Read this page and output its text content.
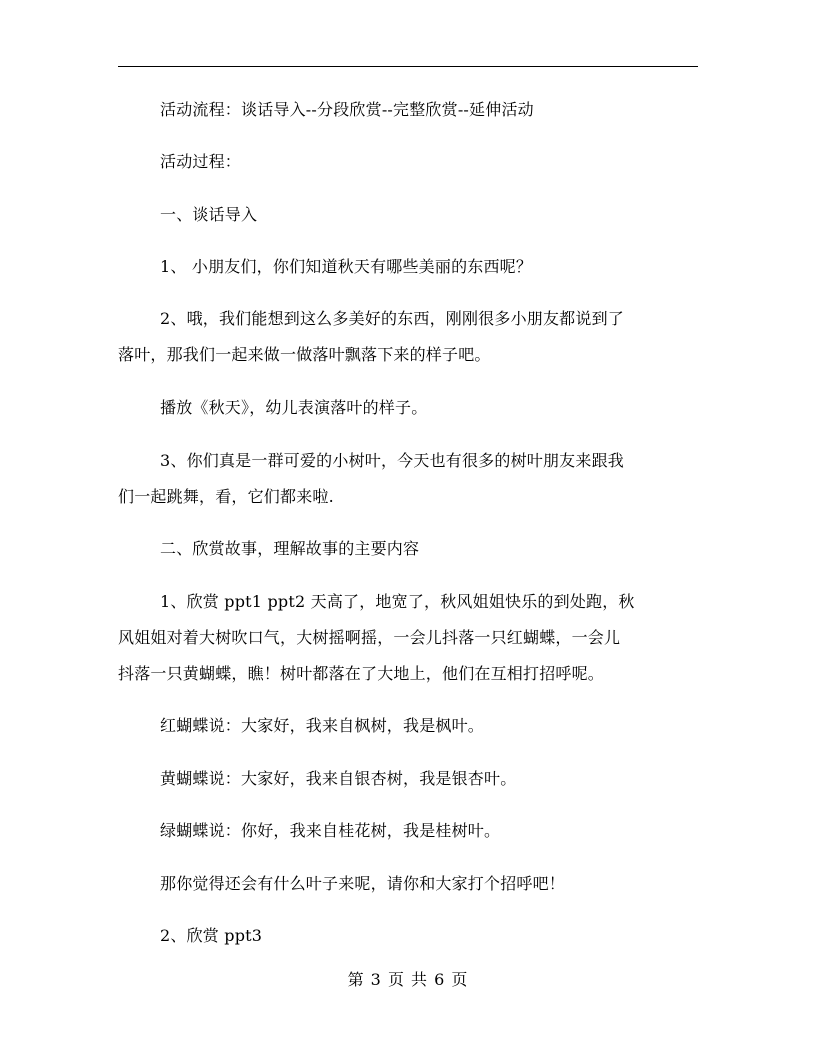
活动流程：谈话导入--分段欣赏--完整欣赏--延伸活动
活动过程：
一、谈话导入
1、 小朋友们，你们知道秋天有哪些美丽的东西呢？
2、哦，我们能想到这么多美好的东西，刚刚很多小朋友都说到了
落叶，那我们一起来做一做落叶飘落下来的样子吧。
播放《秋天》，幼儿表演落叶的样子。
3、你们真是一群可爱的小树叶，今天也有很多的树叶朋友来跟我
们一起跳舞，看，它们都来啦.
二、欣赏故事，理解故事的主要内容
1、欣赏 ppt1 ppt2 天高了，地宽了，秋风姐姐快乐的到处跑，秋
风姐姐对着大树吹口气，大树摇啊摇，一会儿抖落一只红蝴蝶，一会儿
抖落一只黄蝴蝶，瞧！树叶都落在了大地上，他们在互相打招呼呢。
红蝴蝶说：大家好，我来自枫树，我是枫叶。
黄蝴蝶说：大家好，我来自银杏树，我是银杏叶。
绿蝴蝶说：你好，我来自桂花树，我是桂树叶。
那你觉得还会有什么叶子来呢，请你和大家打个招呼吧！
2、欣赏 ppt3
第 3 页 共 6 页
